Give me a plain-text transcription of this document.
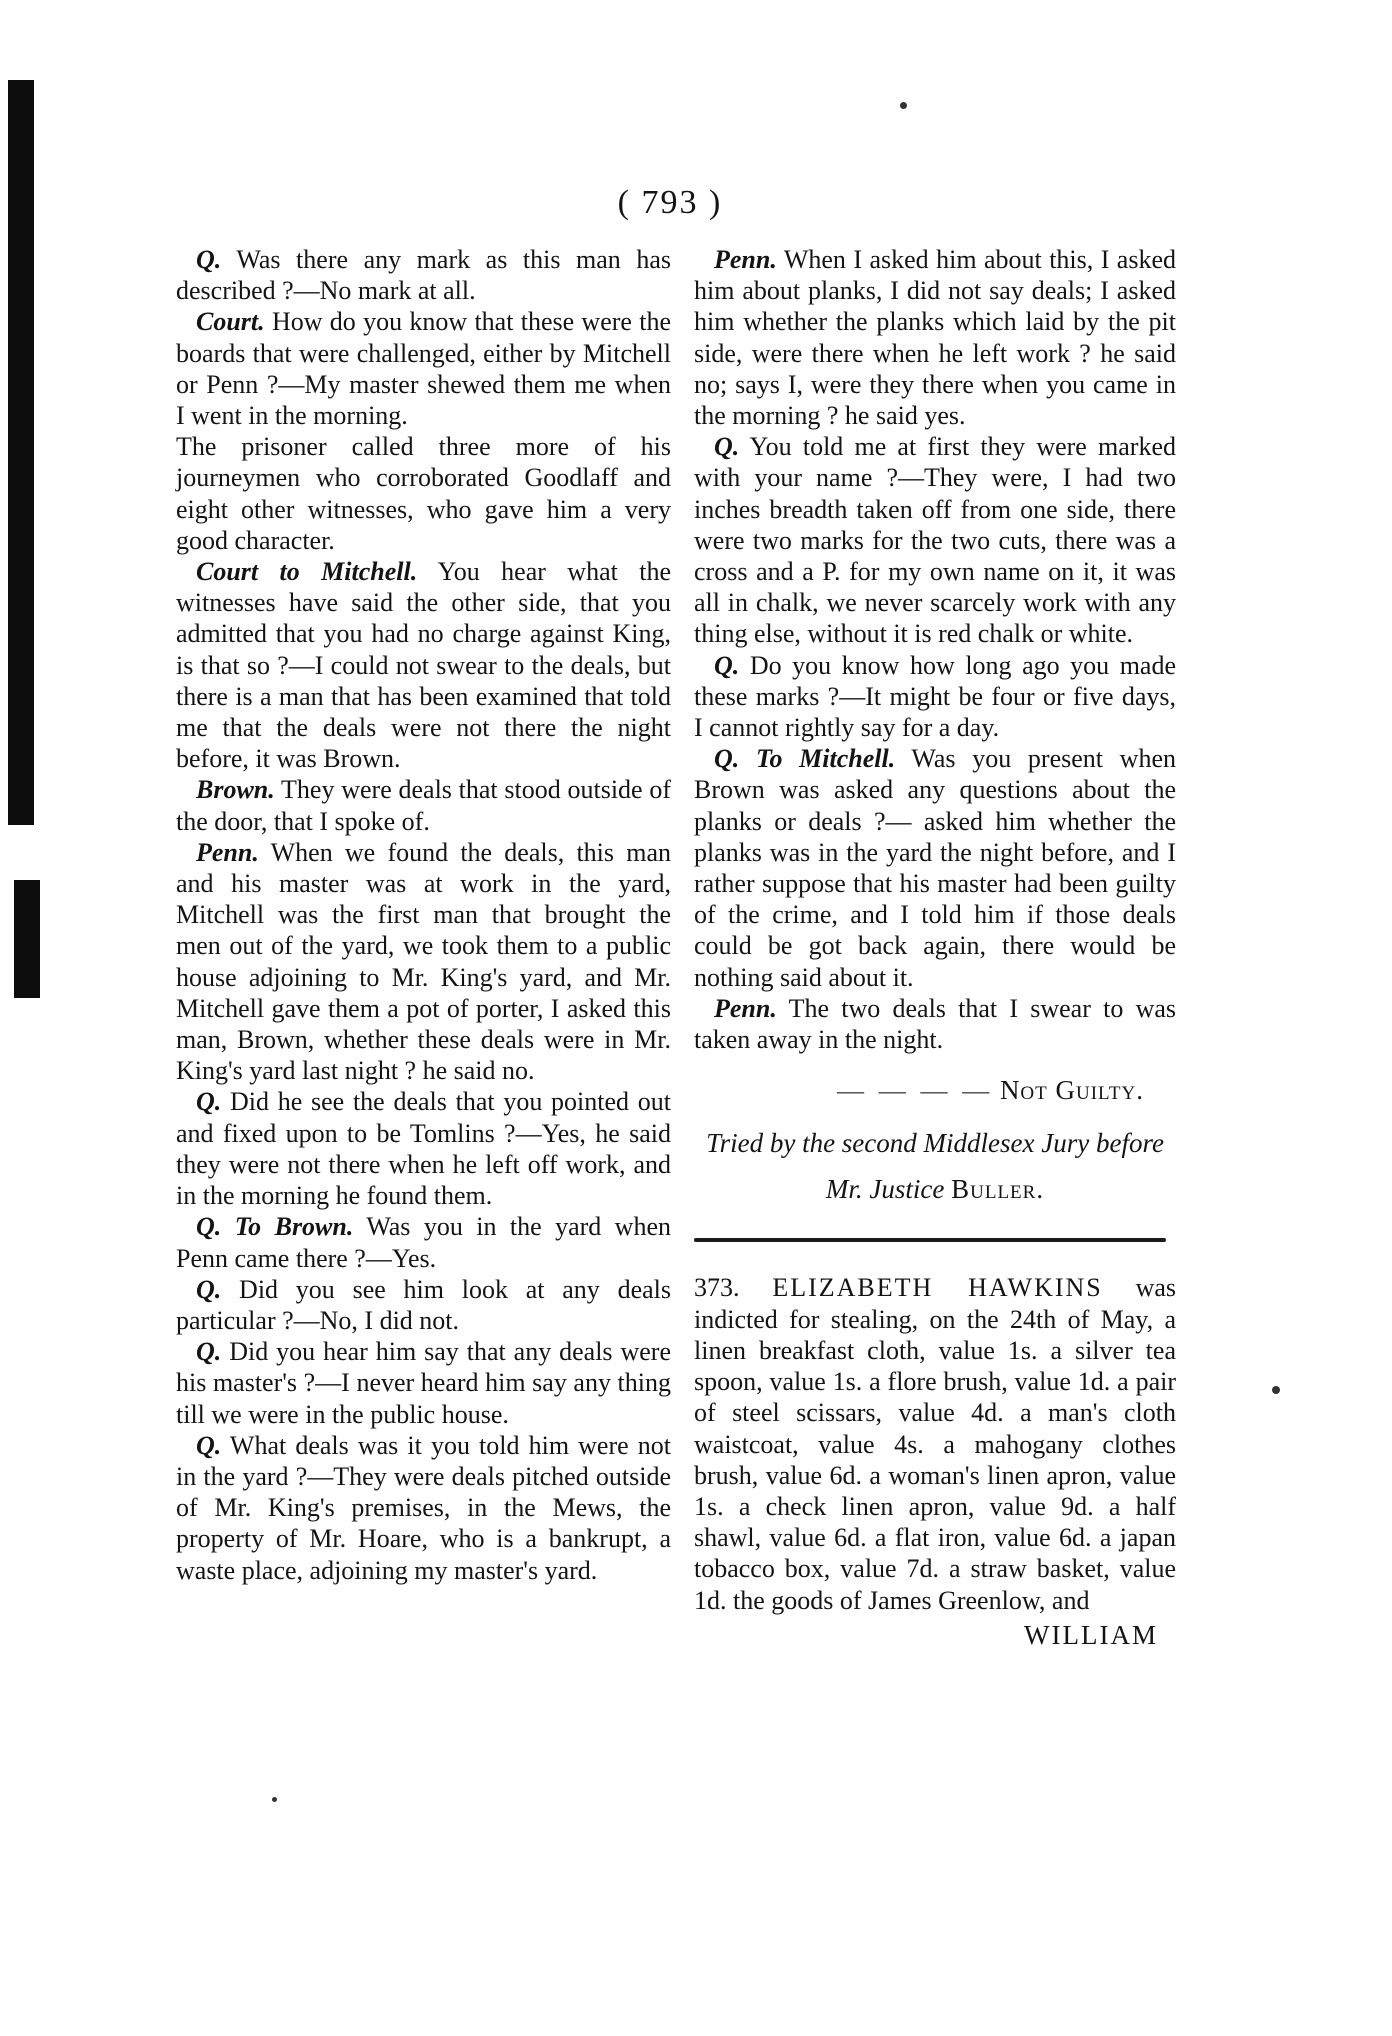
( 793 )

Q. Was there any mark as this man has described ?—No mark at all.

Court. How do you know that these were the boards that were challenged, either by Mitchell or Penn ?—My master shewed them me when I went in the morning.

The prisoner called three more of his journeymen who corroborated Goodlaff and eight other witnesses, who gave him a very good character.

Court to Mitchell. You hear what the witnesses have said the other side, that you admitted that you had no charge against King, is that so ?—I could not swear to the deals, but there is a man that has been examined that told me that the deals were not there the night before, it was Brown.

Brown. They were deals that stood outside of the door, that I spoke of.

Penn. When we found the deals, this man and his master was at work in the yard, Mitchell was the first man that brought the men out of the yard, we took them to a public house adjoining to Mr. King's yard, and Mr. Mitchell gave them a pot of porter, I asked this man, Brown, whether these deals were in Mr. King's yard last night ? he said no.

Q. Did he see the deals that you pointed out and fixed upon to be Tomlins ?—Yes, he said they were not there when he left off work, and in the morning he found them.

Q. To Brown. Was you in the yard when Penn came there ?—Yes.

Q. Did you see him look at any deals particular ?—No, I did not.

Q. Did you hear him say that any deals were his master's ?—I never heard him say any thing till we were in the public house.

Q. What deals was it you told him were not in the yard ?—They were deals pitched outside of Mr. King's premises, in the Mews, the property of Mr. Hoare, who is a bankrupt, a waste place, adjoining my master's yard.

Penn. When I asked him about this, I asked him about planks, I did not say deals; I asked him whether the planks which laid by the pit side, were there when he left work ? he said no; says I, were they there when you came in the morning ? he said yes.

Q. You told me at first they were marked with your name ?—They were, I had two inches breadth taken off from one side, there were two marks for the two cuts, there was a cross and a P. for my own name on it, it was all in chalk, we never scarcely work with any thing else, without it is red chalk or white.

Q. Do you know how long ago you made these marks ?—It might be four or five days, I cannot rightly say for a day.

Q. To Mitchell. Was you present when Brown was asked any questions about the planks or deals ?— asked him whether the planks was in the yard the night before, and I rather suppose that his master had been guilty of the crime, and I told him if those deals could be got back again, there would be nothing said about it.

Penn. The two deals that I swear to was taken away in the night.

— — — — Not Guilty.
Tried by the second Middlesex Jury before
Mr. Justice Buller.

373. ELIZABETH HAWKINS was indicted for stealing, on the 24th of May, a linen breakfast cloth, value 1s. a silver tea spoon, value 1s. a flore brush, value 1d. a pair of steel scissars, value 4d. a man's cloth waistcoat, value 4s. a mahogany clothes brush, value 6d. a woman's linen apron, value 1s. a check linen apron, value 9d. a half shawl, value 6d. a flat iron, value 6d. a japan tobacco box, value 7d. a straw basket, value 1d. the goods of James Greenlow, and

WILLIAM
